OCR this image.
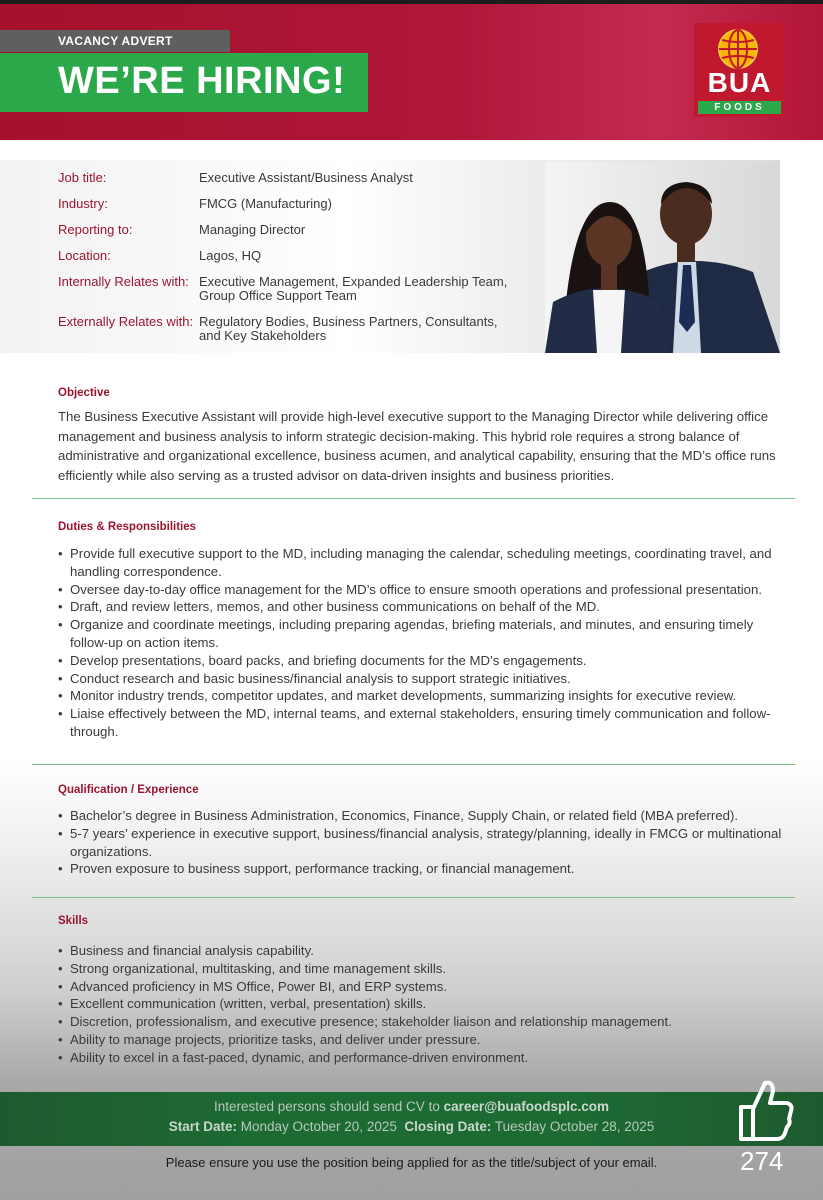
VACANCY ADVERT
WE’RE HIRING!	BUA
FOODS
Job title:	Executive Assistant/Business Analyst
Industry:	FMCG (Manufacturing)
Reporting to:	Managing Director
Location:	Lagos, HQ
Internally Relates with: Executive Management, Expanded Leadership Team, Group Office Support Team
Externally Relates with: Regulatory Bodies, Business Partners, Consultants, and Key Stakeholders
Objective
The Business Executive Assistant will provide high-level executive support to the Managing Director while delivering office management and business analysis to inform strategic decision-making. This hybrid role requires a strong balance of administrative and organizational excellence, business acumen, and analytical capability, ensuring that the MD’s office runs efficiently while also serving as a trusted advisor on data-driven insights and business priorities.
Duties & Responsibilities
• Provide full executive support to the MD, including managing the calendar, scheduling meetings, coordinating travel, and handling correspondence.
• Oversee day-to-day office management for the MD’s office to ensure smooth operations and professional presentation.
• Draft, and review letters, memos, and other business communications on behalf of the MD.
• Organize and coordinate meetings, including preparing agendas, briefing materials, and minutes, and ensuring timely follow-up on action items.
• Develop presentations, board packs, and briefing documents for the MD’s engagements.
• Conduct research and basic business/financial analysis to support strategic initiatives.
• Monitor industry trends, competitor updates, and market developments, summarizing insights for executive review.
• Liaise effectively between the MD, internal teams, and external stakeholders, ensuring timely communication and follow-through.
Qualification / Experience
• Bachelor’s degree in Business Administration, Economics, Finance, Supply Chain, or related field (MBA preferred).
• 5-7 years’ experience in executive support, business/financial analysis, strategy/planning, ideally in FMCG or multinational organizations.
• Proven exposure to business support, performance tracking, or financial management.
Skills
• Business and financial analysis capability.
• Strong organizational, multitasking, and time management skills.
• Advanced proficiency in MS Office, Power BI, and ERP systems.
• Excellent communication (written, verbal, presentation) skills.
• Discretion, professionalism, and executive presence; stakeholder liaison and relationship management.
• Ability to manage projects, prioritize tasks, and deliver under pressure.
• Ability to excel in a fast-paced, dynamic, and performance-driven environment.
Interested persons should send CV to career@buafoodsplc.com
Start Date: Monday October 20, 2025 Closing Date: Tuesday October 28, 2025
Please ensure you use the position being applied for as the title/subject of your email.	274
